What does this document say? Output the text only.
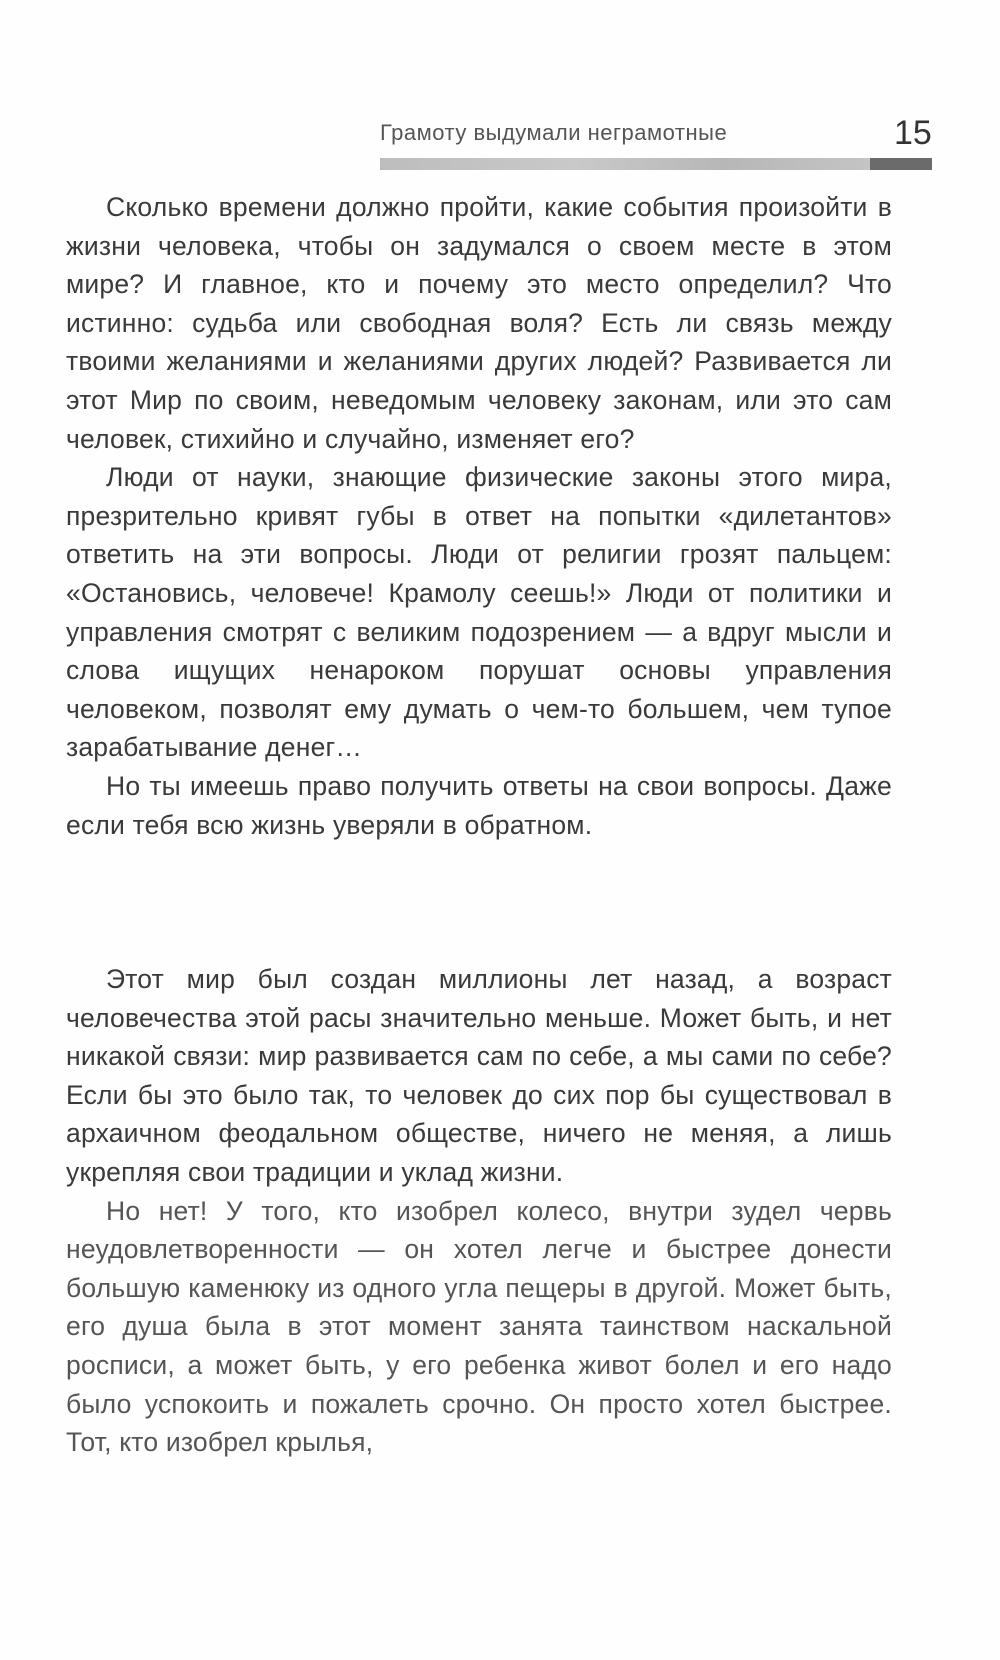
Грамоту выдумали неграмотные	15

Сколько времени должно пройти, какие события произойти в жизни человека, чтобы он задумался о своем месте в этом мире? И главное, кто и почему это место определил? Что истинно: судьба или свободная воля? Есть ли связь между твоими желаниями и желаниями других людей? Развивается ли этот Мир по своим, неведомым человеку законам, или это сам человек, стихийно и случайно, изменяет его?

Люди от науки, знающие физические законы этого мира, презрительно кривят губы в ответ на попытки «дилетантов» ответить на эти вопросы. Люди от религии грозят пальцем: «Остановись, человече! Крамолу сеешь!» Люди от политики и управления смотрят с великим подозрением — а вдруг мысли и слова ищущих ненароком порушат основы управления человеком, позволят ему думать о чем-то большем, чем тупое зарабатывание денег…

Но ты имеешь право получить ответы на свои вопросы. Даже если тебя всю жизнь уверяли в обратном.

Этот мир был создан миллионы лет назад, а возраст человечества этой расы значительно меньше. Может быть, и нет никакой связи: мир развивается сам по себе, а мы сами по себе? Если бы это было так, то человек до сих пор бы существовал в архаичном феодальном обществе, ничего не меняя, а лишь укрепляя свои традиции и уклад жизни.

Но нет! У того, кто изобрел колесо, внутри зудел червь неудовлетворенности — он хотел легче и быстрее донести большую каменюку из одного угла пещеры в другой. Может быть, его душа была в этот момент занята таинством наскальной росписи, а может быть, у его ребенка живот болел и его надо было успокоить и пожалеть срочно. Он просто хотел быстрее. Тот, кто изобрел крылья,
